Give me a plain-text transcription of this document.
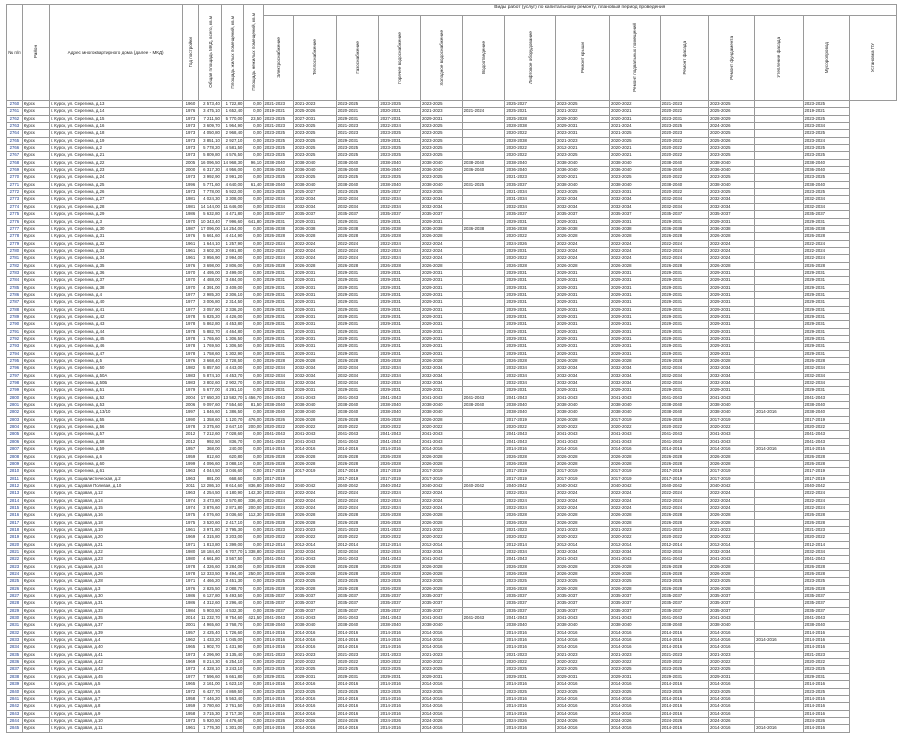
№ п/п	Район	Адрес многоквартирного дома (далее - МКД)	Год постройки	Общая площадь МКД, всего, кв.м	Площадь жилых помещений, кв.м	Площадь нежилых помещений, кв.м	Виды работ (услуг) по капитальному ремонту, плановый период проведения													
							Электроснабжение	Теплоснабжение	Газоснабжение	Горячее водоснабжение	Холодное водоснабжение	Водоотведение	Лифтовое оборудование	Ремонт крыши	Ремонт подвальных помещений	Ремонт фасада	Ремонт фундамента	Утепление фасада	Мусоропровод	Установка ПУ
2760	Курск	г. Курск, ул. Серегина, д.13	1960	2 573,40	1 722,80	0,00	2021-2023	2021-2023	2023-2025	2023-2025	2023-2025		2025-2027	2023-2025	2020-2022	2021-2023	2023-2025		2023-2025	
2761	Курск	г. Курск, ул. Серегина, д.14	1976	3 475,10	1 652,40	0,00	2019-2021	2025-2026	2020-2021	2020-2021	2021-2023	2021-2024	2025-2021	2021-2022	2020-2021	2020-2022	2025-2026		2019-2021	
2762	Курск	г. Курск, ул. Серегина, д.15	1973	7 211,50	5 770,00	23,50	2023-2025	2027-2031	2029-2031	2027-2031	2029-2031		2025-2028	2029-2030	2020-2031	2023-2031	2028-2029		2023-2025	
2763	Курск	г. Курск, ул. Серегина, д.16	1973	3 609,70	1 964,90	0,00	2021-2023	2023-2025	2021-2023	2022-2024	2023-2025		2028-2038	2029-2031	2021-2024	2023-2025	2024-2026		2023-2034	
2764	Курск	г. Курск, ул. Серегина, д.18	1973	4 050,80	2 968,40	0,00	2023-2025	2023-2025	2021-2023	2023-2025	2023-2025		2020-2022	2023-2031	2021-2025	2020-2023	2020-2025		2023-2025	
2765	Курск	г. Курск, ул. Серегина, д.19	1973	3 851,10	2 927,10	0,00	2023-2025	2023-2025	2029-2031	2029-2031	2023-2025		2028-2038	2021-2023	2020-2025	2020-2022	2025-2026		2023-2024	
2766	Курск	г. Курск, ул. Серегина, д.2	1973	5 778,20	4 581,50	0,00	2023-2025	2023-2025	2023-2025	2023-2025	2023-2025		2020-2022	2012-2021	2020-2021	2020-2022	2023-2025		2023-2025	
2767	Курск	г. Курск, ул. Серегина, д.21	1973	5 809,80	4 576,50	0,00	2023-2025	2023-2025	2023-2025	2023-2025	2023-2025		2020-2022	2023-2025	2020-2021	2020-2022	2023-2025		2023-2025	
2768	Курск	г. Курск, ул. Серегина, д.22	2005	16 096,50	14 968,30	96,10	2038-2040	2038-2040	2038-2040	2038-2040	2038-2040	2038-2040	2038-2040	2038-2040	2038-2040	2038-2040	2038-2040		2038-2040	
2769	Курск	г. Курск, ул. Серегина, д.23	2000	6 317,30	4 956,00	0,00	2036-2040	2036-2040	2036-2040	2036-2040	2036-2040	2036-2040	2036-2040	2036-2040	2036-2040	2036-2040	2036-2040		2036-2040	
2770	Курск	г. Курск, ул. Серегина, д.24	1973	3 992,90	2 991,20	0,00	2023-2025	2023-2025	2023-2025	2023-2025	2023-2025		2021-2023	2020-2021	2023-2025	2020-2022	2023-2025		2023-2025	
2771	Курск	г. Курск, ул. Серегина, д.25	1996	5 771,60	4 640,00	61,40	2038-2040	2038-2040	2038-2040	2038-2040	2038-2040	2031-2025	2035-2037	2038-2040	2038-2040	2038-2040	2038-2040		2038-2040	
2772	Курск	г. Курск, ул. Серегина, д.26	1973	7 778,00	5 922,00	0,00	2023-2025	2025-2027	2023-2025	2025-2027	2023-2025		2021-2034	2023-2025	2023-2031	2020-2022	2023-2025		2023-2025	
2773	Курск	г. Курск, ул. Серегина, д.27	1981	4 024,30	3 308,00	0,00	2032-2034	2032-2034	2032-2034	2032-2034	2032-2034		2031-2034	2032-2034	2032-2034	2032-2034	2032-2034		2032-2034	
2774	Курск	г. Курск, ул. Серегина, д.28	1981	14 144,00	11 646,00	0,00	2032-2034	2032-2034	2032-2034	2032-2034	2032-2034		2032-2034	2032-2034	2032-2034	2032-2034	2032-2034		2032-2034	
2775	Курск	г. Курск, ул. Серегина, д.29	1986	5 632,80	4 471,80	0,00	2035-2037	2035-2037	2035-2037	2035-2037	2035-2037		2035-2037	2035-2037	2035-2037	2035-2037	2035-2037		2035-2037	
2776	Курск	г. Курск, ул. Серегина, д.3	1970	10 343,40	7 996,60	641,80	2029-2031	2029-2031	2029-2031	2029-2031	2029-2031		2029-2031	2029-2031	2029-2031	2029-2031	2029-2031		2029-2031	
2777	Курск	г. Курск, ул. Серегина, д.30	1987	17 096,00	14 254,00	0,00	2036-2038	2036-2038	2036-2038	2036-2038	2036-2038	2036-2038	2036-2038	2036-2038	2036-2038	2036-2038	2036-2038		2036-2038	
2778	Курск	г. Курск, ул. Серегина, д.31	1976	5 661,60	4 414,90	0,00	2026-2028	2026-2028	2026-2028	2026-2028	2026-2028		2020-2022	2026-2028	2026-2028	2026-2028	2026-2028		2026-2028	
2779	Курск	г. Курск, ул. Серегина, д.32	1961	1 644,10	1 257,90	0,00	2022-2024	2022-2024	2022-2024	2022-2024	2022-2024		2024-2026	2022-2024	2022-2024	2022-2024	2022-2024		2022-2024	
2780	Курск	г. Курск, ул. Серегина, д.33	1961	3 602,30	2 691,80	0,00	2022-2024	2022-2024	2022-2024	2022-2024	2022-2024		2029-2031	2022-2024	2022-2024	2022-2024	2022-2024		2022-2024	
2781	Курск	г. Курск, ул. Серегина, д.34	1961	3 956,90	2 994,00	0,00	2022-2024	2022-2024	2022-2024	2022-2024	2022-2024		2020-2022	2022-2024	2022-2024	2022-2024	2022-2024		2022-2024	
2782	Курск	г. Курск, ул. Серегина, д.35	1976	3 698,00	2 806,00	0,00	2026-2028	2026-2028	2026-2028	2026-2028	2026-2028		2026-2028	2026-2028	2026-2028	2026-2028	2026-2028		2026-2028	
2783	Курск	г. Курск, ул. Серегина, д.36	1970	4 495,00	3 499,00	0,00	2029-2031	2029-2031	2029-2031	2029-2031	2029-2031		2029-2031	2029-2031	2029-2031	2029-2031	2029-2031		2029-2031	
2784	Курск	г. Курск, ул. Серегина, д.37	1970	4 488,00	3 484,00	0,00	2029-2031	2029-2031	2029-2031	2029-2031	2029-2031		2029-2031	2029-2031	2029-2031	2029-2031	2029-2031		2029-2031	
2785	Курск	г. Курск, ул. Серегина, д.38	1970	4 391,00	3 409,00	0,00	2029-2031	2029-2031	2029-2031	2029-2031	2029-2031		2029-2031	2029-2031	2029-2031	2029-2031	2029-2031		2029-2031	
2786	Курск	г. Курск, ул. Серегина, д.4	1977	2 985,20	2 306,10	0,00	2029-2031	2029-2031	2029-2031	2029-2031	2029-2031		2029-2031	2029-2031	2029-2031	2029-2031	2029-2031		2029-2031	
2787	Курск	г. Курск, ул. Серегина, д.40	1977	3 006,80	2 314,50	0,00	2029-2031	2029-2031	2029-2031	2029-2031	2029-2031		2029-2031	2029-2031	2029-2031	2029-2031	2029-2031		2029-2031	
2788	Курск	г. Курск, ул. Серегина, д.41	1977	3 057,90	2 336,20	0,00	2029-2031	2029-2031	2029-2031	2029-2031	2029-2031		2029-2031	2029-2031	2029-2031	2029-2031	2029-2031		2029-2031	
2789	Курск	г. Курск, ул. Серегина, д.42	1978	5 825,20	4 426,00	0,00	2029-2031	2029-2031	2029-2031	2029-2031	2029-2031		2029-2031	2029-2031	2029-2031	2029-2031	2029-2031		2029-2031	
2790	Курск	г. Курск, ул. Серегина, д.43	1978	5 862,80	4 453,80	0,00	2029-2031	2029-2031	2029-2031	2029-2031	2029-2031		2029-2031	2029-2031	2029-2031	2029-2031	2029-2031		2029-2031	
2791	Курск	г. Курск, ул. Серегина, д.44	1978	5 882,70	4 464,80	0,00	2029-2031	2029-2031	2029-2031	2029-2031	2029-2031		2029-2031	2029-2031	2029-2031	2029-2031	2029-2031		2029-2031	
2792	Курск	г. Курск, ул. Серегина, д.45	1978	1 765,60	1 306,50	0,00	2029-2031	2029-2031	2029-2031	2029-2031	2029-2031		2029-2031	2029-2031	2029-2031	2029-2031	2029-2031		2029-2031	
2793	Курск	г. Курск, ул. Серегина, д.46	1978	1 769,50	1 306,50	0,00	2029-2031	2029-2031	2029-2031	2029-2031	2029-2031		2029-2031	2029-2031	2029-2031	2029-2031	2029-2031		2029-2031	
2794	Курск	г. Курск, ул. Серегина, д.47	1978	1 758,60	1 302,90	0,00	2029-2031	2029-2031	2029-2031	2029-2031	2029-2031		2029-2031	2029-2031	2029-2031	2029-2031	2029-2031		2029-2031	
2795	Курск	г. Курск, ул. Серегина, д.5	1976	3 668,40	2 728,50	0,00	2026-2028	2026-2028	2026-2028	2026-2028	2026-2028		2026-2028	2026-2028	2026-2028	2026-2028	2026-2028		2026-2028	
2796	Курск	г. Курск, ул. Серегина, д.50	1982	5 857,50	4 443,00	0,00	2032-2034	2032-2034	2032-2034	2032-2034	2032-2034		2032-2034	2032-2034	2032-2034	2032-2034	2032-2034		2032-2034	
2797	Курск	г. Курск, ул. Серегина, д.50А	1983	5 874,10	4 453,70	0,00	2032-2034	2032-2034	2032-2034	2032-2034	2032-2034		2032-2034	2032-2034	2032-2034	2032-2034	2032-2034		2032-2034	
2798	Курск	г. Курск, ул. Серегина, д.50Б	1983	3 802,60	2 902,70	0,00	2032-2034	2032-2034	2032-2034	2032-2034	2032-2034		2032-2034	2032-2034	2032-2034	2032-2034	2032-2034		2032-2034	
2799	Курск	г. Курск, ул. Серегина, д.51	1979	5 677,00	4 291,10	0,00	2029-2031	2029-2031	2029-2031	2029-2031	2029-2031		2029-2031	2029-2031	2029-2031	2029-2031	2029-2031		2029-2031	
2800	Курск	г. Курск, ул. Серегина, д.52	2004	17 650,20	13 582,70	1 456,70	2041-2043	2041-2043	2041-2043	2041-2043	2041-2043	2041-2043	2041-2043	2041-2043	2041-2043	2041-2043	2041-2043		2041-2043	
2801	Курск	г. Курск, ул. Серегина, д.53	2006	9 097,60	7 554,60	81,50	2038-2040	2038-2040	2038-2040	2038-2040	2038-2040	2038-2040	2038-2040	2038-2040	2038-2040	2038-2040	2038-2040		2038-2040	
2802	Курск	г. Курск, ул. Серегина, д.13/10	1997	1 846,60	1 386,50	0,00	2038-2040	2038-2040	2038-2040	2038-2040	2038-2040		2038-2040	2038-2040	2038-2040	2038-2040	2038-2040	2014-2016	2038-2040	
2803	Курск	г. Курск, ул. Серегина, д.55	1990	1 358,60	1 120,70	476,00	2025-2026	2026-2028	2026-2028	2026-2028	2026-2028		2017-2019	2026-2028	2017-2019	2026-2028	2017-2019		2017-2019	
2804	Курск	г. Курск, ул. Серегина, д.56	1978	3 375,60	2 647,10	200,00	2020-2022	2020-2022	2020-2022	2020-2022	2020-2022		2020-2022	2020-2022	2020-2022	2020-2022	2020-2022		2020-2022	
2805	Курск	г. Курск, ул. Серегина, д.57	2012	7 212,60	7 028,60	0,00	2041-2043	2041-2043	2041-2043	2041-2043	2041-2043		2041-2043	2041-2043	2041-2043	2041-2043	2041-2043		2041-2043	
2806	Курск	г. Курск, ул. Серегина, д.58	2012	992,50	836,70	0,00	2041-2043	2041-2043	2041-2043	2041-2043	2041-2043		2041-2043	2041-2043	2041-2043	2041-2043	2041-2043		2041-2043	
2807	Курск	г. Курск, ул. Серегина, д.59	1957	368,00	240,00	0,00	2014-2016	2014-2016	2014-2016	2014-2016	2014-2016		2014-2016	2014-2016	2014-2016	2014-2016	2014-2016	2014-2016	2014-2016	
2808	Курск	г. Курск, ул. Серегина, д.6	1959	812,60	620,80	0,00	2026-2028	2026-2028	2026-2028	2026-2028	2026-2028		2026-2028	2026-2028	2026-2028	2026-2028	2026-2028		2026-2028	
2809	Курск	г. Курск, ул. Серегина, д.60	1999	4 096,60	3 088,10	0,00	2026-2028	2026-2028	2026-2028	2026-2028	2026-2028		2026-2028	2026-2028	2026-2028	2026-2028	2026-2028		2026-2028	
2810	Курск	г. Курск, ул. Серегина, д.61	1963	4 044,50	3 046,60	0,00	2017-2019	2017-2019	2017-2019	2017-2019	2017-2019		2017-2019	2017-2019	2017-2019	2017-2019	2017-2019		2017-2019	
2811	Курск	г. Курск, ул. Социалистическая, д.2	1963	881,00	668,60	0,00	2017-2019		2017-2019	2017-2019	2017-2019		2017-2019	2017-2019	2017-2019	2017-2019	2017-2019		2017-2019	
2812	Курск	г. Курск, ул. Садовая Полевая, д.10	2011	12 286,10	8 614,60	836,80	2040-2042	2040-2042	2040-2042	2040-2042	2040-2042	2040-2042	2040-2042	2040-2042	2040-2042	2040-2042	2040-2042		2040-2042	
2813	Курск	г. Курск, ул. Садовая, д.12	1963	4 254,50	4 180,90	142,30	2022-2024	2022-2024	2022-2024	2022-2024	2022-2024		2022-2024	2022-2024	2022-2024	2022-2024	2022-2024		2022-2024	
2814	Курск	г. Курск, ул. Садовая, д.14	1974	3 473,80	2 570,80	336,40	2022-2024	2022-2024	2022-2024	2022-2024	2022-2024		2022-2024	2022-2024	2022-2024	2022-2024	2022-2024		2022-2024	
2815	Курск	г. Курск, ул. Садовая, д.15	1974	3 876,60	2 871,80	200,00	2022-2024	2022-2024	2022-2024	2022-2024	2022-2024		2022-2024	2022-2024	2022-2024	2022-2024	2022-2024		2022-2024	
2816	Курск	г. Курск, ул. Садовая, д.16	1975	4 076,60	3 036,60	112,30	2026-2028	2026-2028	2026-2028	2026-2028	2026-2028		2026-2028	2026-2028	2026-2028	2026-2028	2026-2028		2026-2028	
2817	Курск	г. Курск, ул. Садовая, д.18	1975	3 520,60	2 417,10	0,00	2026-2028	2026-2028	2026-2028	2026-2028	2026-2028		2026-2028	2026-2028	2026-2028	2026-2028	2026-2028		2026-2028	
2818	Курск	г. Курск, ул. Садовая, д.19	1961	3 971,80	2 795,30	0,00	2021-2023	2021-2023	2021-2023	2021-2023	2021-2023		2021-2023	2021-2023	2021-2023	2021-2023	2021-2023		2021-2023	
2819	Курск	г. Курск, ул. Садовая, д.20	1969	4 315,80	3 203,00	0,00	2020-2022	2020-2022	2020-2022	2020-2022	2020-2022		2020-2022	2020-2022	2020-2022	2020-2022	2020-2022		2020-2022	
2820	Курск	г. Курск, ул. Садовая, д.21	1971	1 813,80	1 399,00	0,00	2012-2014	2012-2014	2012-2014	2012-2014	2012-2014		2012-2014	2012-2014	2012-2014	2012-2014	2012-2014		2012-2014	
2821	Курск	г. Курск, ул. Садовая, д.22	1980	18 184,40	6 707,70	1 338,80	2032-2034	2032-2034	2032-2034	2032-2034	2032-2034		2032-2034	2032-2034	2032-2034	2032-2034	2032-2034		2032-2034	
2822	Курск	г. Курск, ул. Садовая, д.23	1980	4 661,80	3 567,50	0,00	2041-2043	2041-2043	2041-2043	2041-2043	2041-2043		2041-2043	2041-2043	2041-2043	2041-2043	2041-2043		2041-2043	
2823	Курск	г. Курск, ул. Садовая, д.24	1978	4 326,60	3 284,00	0,00	2026-2028	2026-2028	2026-2028	2026-2028	2026-2028		2026-2028	2026-2028	2026-2028	2026-2028	2026-2028		2026-2028	
2824	Курск	г. Курск, ул. Садовая, д.26	1978	12 333,50	9 494,40	250,00	2026-2028	2026-2028	2026-2028	2026-2028	2026-2028		2026-2028	2026-2028	2026-2028	2026-2028	2026-2028		2026-2028	
2825	Курск	г. Курск, ул. Садовая, д.28	1971	4 466,20	3 451,30	0,00	2023-2025	2023-2025	2023-2025	2023-2025	2023-2025		2023-2025	2023-2025	2023-2025	2023-2025	2023-2025		2023-2025	
2826	Курск	г. Курск, ул. Садовая, д.3	1976	2 825,50	2 088,70	0,00	2026-2028	2026-2028	2026-2028	2026-2028	2026-2028		2026-2028	2026-2028	2026-2028	2026-2028	2026-2028		2026-2028	
2827	Курск	г. Курск, ул. Садовая, д.30	1986	6 127,80	5 493,50	0,00	2035-2037	2035-2037	2035-2037	2035-2037	2035-2037		2035-2037	2035-2037	2035-2037	2035-2037	2035-2037		2035-2037	
2828	Курск	г. Курск, ул. Садовая, д.31	1986	4 312,60	3 296,40	0,00	2035-2037	2035-2037	2035-2037	2035-2037	2035-2037		2035-2037	2035-2037	2035-2037	2035-2037	2035-2037		2035-2037	
2829	Курск	г. Курск, ул. Садовая, д.33	1984	5 903,50	4 532,30	0,00	2035-2037	2035-2037	2035-2037	2035-2037	2035-2037		2035-2037	2035-2037	2035-2037	2035-2037	2035-2037		2035-2037	
2830	Курск	г. Курск, ул. Садовая, д.35	2014	11 232,70	8 754,60	421,50	2041-2043	2041-2043	2041-2043	2041-2043	2041-2043	2041-2043	2041-2043	2041-2043	2041-2043	2041-2043	2041-2043		2041-2043	
2831	Курск	г. Курск, ул. Садовая, д.37	2001	4 965,60	3 768,70	0,00	2038-2040	2038-2040	2038-2040	2038-2040	2038-2040		2038-2040	2038-2040	2038-2040	2038-2040	2038-2040		2038-2040	
2832	Курск	г. Курск, ул. Садовая, д.39	1957	2 425,40	1 726,60	0,00	2014-2016	2014-2016	2014-2016	2014-2016	2014-2016		2014-2016	2014-2016	2014-2016	2014-2016	2014-2016		2014-2016	
2833	Курск	г. Курск, ул. Садовая, д.4	1962	1 433,20	1 045,00	0,00	2014-2016	2014-2016	2014-2016	2014-2016	2014-2016		2014-2016	2014-2016	2014-2016	2014-2016	2014-2016	2014-2016	2014-2016	
2834	Курск	г. Курск, ул. Садовая, д.40	1965	1 902,70	1 431,90	0,00	2014-2016	2014-2016	2014-2016	2014-2016	2014-2016		2014-2016	2014-2016	2014-2016	2014-2016	2014-2016		2014-2016	
2835	Курск	г. Курск, ул. Садовая, д.41	1973	4 296,90	3 135,40	0,00	2021-2023	2021-2023	2021-2023	2021-2023	2021-2023		2021-2023	2021-2023	2021-2023	2021-2023	2021-2023		2021-2023	
2836	Курск	г. Курск, ул. Садовая, д.42	1969	8 214,30	6 254,10	0,00	2020-2022	2020-2022	2020-2022	2020-2022	2020-2022		2020-2022	2020-2022	2020-2022	2020-2022	2020-2022		2020-2022	
2837	Курск	г. Курск, ул. Садовая, д.43	1973	4 328,10	3 243,10	0,00	2023-2025	2023-2025	2023-2025	2023-2025	2023-2025		2023-2025	2023-2025	2023-2025	2023-2025	2023-2025		2023-2025	
2838	Курск	г. Курск, ул. Садовая, д.45	1977	7 596,60	5 661,80	0,00	2029-2031	2029-2031	2029-2031	2029-2031	2029-2031		2029-2031	2029-2031	2029-2031	2029-2031	2029-2031		2029-2031	
2839	Курск	г. Курск, ул. Садовая, д.5	1965	2 161,00	1 623,10	0,00	2014-2016	2014-2016	2014-2016	2014-2016	2014-2016		2014-2016	2014-2016	2014-2016	2014-2016	2014-2016		2014-2016	
2840	Курск	г. Курск, ул. Садовая, д.6	1972	6 427,70	4 869,50	0,00	2023-2025	2023-2025	2023-2025	2023-2025	2023-2025		2023-2025	2023-2025	2023-2025	2023-2025	2023-2025		2023-2025	
2841	Курск	г. Курск, ул. Садовая, д.7	1958	7 446,20	5 563,40	0,00	2014-2016	2014-2016	2014-2016	2014-2016	2014-2016		2014-2016	2014-2016	2014-2016	2014-2016	2014-2016		2014-2016	
2842	Курск	г. Курск, ул. Садовая, д.8	1959	3 780,60	2 761,50	0,00	2014-2016	2014-2016	2014-2016	2014-2016	2014-2016		2014-2016	2014-2016	2014-2016	2014-2016	2014-2016		2014-2016	
2843	Курск	г. Курск, ул. Садовая, д.9	1958	3 715,30	2 717,30	0,00	2014-2016	2014-2016	2014-2016	2014-2016	2014-2016		2014-2016	2014-2016	2014-2016	2014-2016	2014-2016		2014-2016	
2844	Курск	г. Курск, ул. Садовая, д.10	1973	5 920,50	4 476,60	0,00	2024-2026	2024-2026	2024-2026	2024-2026	2024-2026		2024-2026	2024-2026	2024-2026	2024-2026	2024-2026		2024-2026	
2845	Курск	г. Курск, ул. Садовая, д.11	1961	1 776,30	1 301,00	0,00	2014-2016	2014-2016	2014-2016	2014-2016	2014-2016		2014-2016	2014-2016	2014-2016	2014-2016	2014-2016	2014-2016	2014-2016	
